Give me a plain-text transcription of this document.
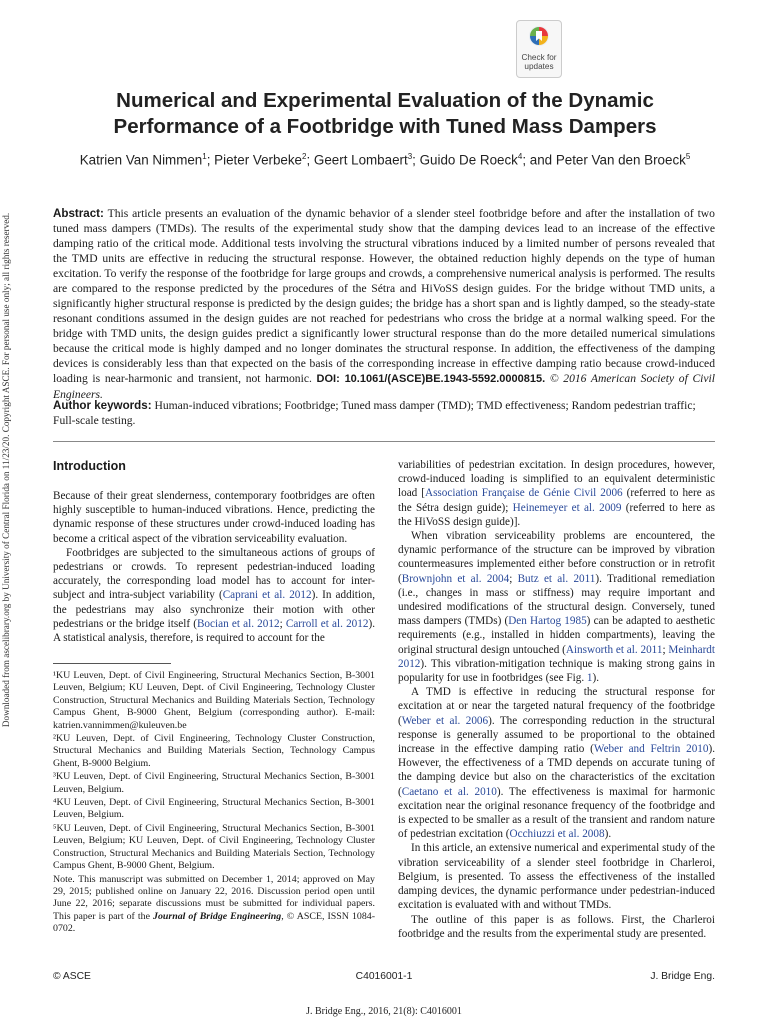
Downloaded from ascelibrary.org by University of Central Florida on 11/23/20. Copyright ASCE. For personal use only; all rights reserved.
Check for
updates
Numerical and Experimental Evaluation of the Dynamic
Performance of a Footbridge with Tuned Mass Dampers
Katrien Van Nimmen$^1$; Pieter Verbeke$^2$; Geert Lombaert$^3$; Guido De Roeck$^4$; and Peter Van den Broeck$^5$
Abstract: This article presents an evaluation of the dynamic behavior of a slender steel footbridge before and after the installation of two tuned mass dampers (TMDs). The results of the experimental study show that the damping devices lead to an increase of the effective damping ratio of the critical mode. Additional tests involving the structural vibrations induced by a limited number of persons revealed that the TMD units are effective in reducing the structural response. However, the obtained reduction highly depends on the type of human excitation. To verify the response of the footbridge for large groups and crowds, a comprehensive numerical analysis is performed. The results are compared to the response predicted by the procedures of the Sétra and HiVoSS design guides. For the bridge without TMD units, a significantly higher structural response is predicted by the design guides; the bridge has a short span and is lightly damped, so the steady-state resonant conditions assumed in the design guides are not reached for pedestrians who cross the bridge at a normal walking speed. For the bridge with TMD units, the design guides predict a significantly lower structural response than do the more detailed numerical simulations because the critical mode is highly damped and no longer dominates the structural response. In addition, the effectiveness of the damping devices is considerably less than that expected on the basis of the corresponding increase in effective damping ratio because crowd-induced loading is near-harmonic and transient, not harmonic. DOI: 10.1061/(ASCE)BE.1943-5592.0000815. © 2016 American Society of Civil Engineers.
Author keywords: Human-induced vibrations; Footbridge; Tuned mass damper (TMD); TMD effectiveness; Random pedestrian traffic; Full-scale testing.
Introduction

Because of their great slenderness, contemporary footbridges are often highly susceptible to human-induced vibrations. Hence, predicting the dynamic response of these structures under crowd-induced loading has become a critical aspect of the vibration serviceability evaluation.

Footbridges are subjected to the simultaneous actions of groups of pedestrians or crowds. To represent pedestrian-induced loading accurately, the corresponding load model has to account for inter-subject and intra-subject variability (Caprani et al. 2012). In addition, the pedestrians may also synchronize their motion with other pedestrians or the bridge itself (Bocian et al. 2012; Carroll et al. 2012). A statistical analysis, therefore, is required to account for the

¹KU Leuven, Dept. of Civil Engineering, Structural Mechanics Section, B-3001 Leuven, Belgium; KU Leuven, Dept. of Civil Engineering, Technology Cluster Construction, Structural Mechanics and Building Materials Section, Technology Campus Ghent, B-9000 Ghent, Belgium (corresponding author). E-mail: katrien.vannimmen@kuleuven.be

²KU Leuven, Dept. of Civil Engineering, Technology Cluster Construction, Structural Mechanics and Building Materials Section, Technology Campus Ghent, B-9000 Belgium.

³KU Leuven, Dept. of Civil Engineering, Structural Mechanics Section, B-3001 Leuven, Belgium.

⁴KU Leuven, Dept. of Civil Engineering, Structural Mechanics Section, B-3001 Leuven, Belgium.

⁵KU Leuven, Dept. of Civil Engineering, Structural Mechanics Section, B-3001 Leuven, Belgium; KU Leuven, Dept. of Civil Engineering, Technology Cluster Construction, Structural Mechanics and Building Materials Section, Technology Campus Ghent, B-9000 Ghent, Belgium.

Note. This manuscript was submitted on December 1, 2014; approved on May 29, 2015; published online on January 22, 2016. Discussion period open until June 22, 2016; separate discussions must be submitted for individual papers. This paper is part of the Journal of Bridge Engineering, © ASCE, ISSN 1084-0702.

variabilities of pedestrian excitation. In design procedures, however, crowd-induced loading is simplified to an equivalent deterministic load [Association Française de Génie Civil 2006 (referred to here as the Sétra design guide); Heinemeyer et al. 2009 (referred to here as the HiVoSS design guide)].

When vibration serviceability problems are encountered, the dynamic performance of the structure can be improved by vibration countermeasures implemented either before construction or in retrofit (Brownjohn et al. 2004; Butz et al. 2011). Traditional remediation (i.e., changes in mass or stiffness) may require important and undesired modifications of the structural design. Conversely, tuned mass dampers (TMDs) (Den Hartog 1985) can be adapted to aesthetic requirements (e.g., installed in hidden compartments), leaving the original structural design untouched (Ainsworth et al. 2011; Meinhardt 2012). This vibration-mitigation technique is making strong gains in popularity for use in footbridges (see Fig. 1).

A TMD is effective in reducing the structural response for excitation at or near the targeted natural frequency of the footbridge (Weber et al. 2006). The corresponding reduction in the structural response is generally assumed to be proportional to the obtained increase in the effective damping ratio (Weber and Feltrin 2010). However, the effectiveness of a TMD depends on accurate tuning of the damping device but also on the characteristics of the excitation (Caetano et al. 2010). The effectiveness is maximal for harmonic excitation near the original resonance frequency of the footbridge and is expected to be smaller as a result of the transient and random nature of pedestrian excitation (Occhiuzzi et al. 2008).

In this article, an extensive numerical and experimental study of the vibration serviceability of a slender steel footbridge in Charleroi, Belgium, is presented. To assess the effectiveness of the installed damping devices, the dynamic performance under pedestrian-induced excitation is evaluated with and without TMDs.

The outline of this paper is as follows. First, the Charleroi footbridge and the results from the experimental study are presented.

© ASCE	C4016001-1	J. Bridge Eng.
J. Bridge Eng., 2016, 21(8): C4016001
